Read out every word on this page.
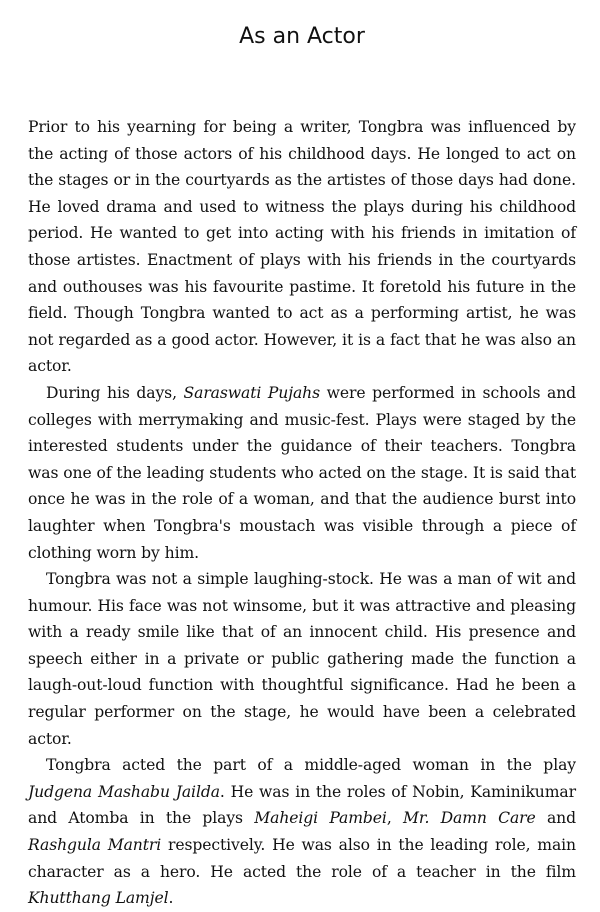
As an Actor

Prior to his yearning for being a writer, Tongbra was influenced by the acting of those actors of his childhood days. He longed to act on the stages or in the courtyards as the artistes of those days had done. He loved drama and used to witness the plays during his childhood period. He wanted to get into acting with his friends in imitation of those artistes. Enactment of plays with his friends in the courtyards and outhouses was his favourite pastime. It foretold his future in the field. Though Tongbra wanted to act as a performing artist, he was not regarded as a good actor. However, it is a fact that he was also an actor.

During his days, Saraswati Pujahs were performed in schools and colleges with merrymaking and music-fest. Plays were staged by the interested students under the guidance of their teachers. Tongbra was one of the leading students who acted on the stage. It is said that once he was in the role of a woman, and that the audience burst into laughter when Tongbra's moustach was visible through a piece of clothing worn by him.

Tongbra was not a simple laughing-stock. He was a man of wit and humour. His face was not winsome, but it was attractive and pleasing with a ready smile like that of an innocent child. His presence and speech either in a private or public gathering made the function a laugh-out-loud function with thoughtful significance. Had he been a regular performer on the stage, he would have been a celebrated actor.

Tongbra acted the part of a middle-aged woman in the play Judgena Mashabu Jailda. He was in the roles of Nobin, Kaminikumar and Atomba in the plays Maheigi Pambei, Mr. Damn Care and Rashgula Mantri respectively. He was also in the leading role, main character as a hero. He acted the role of a teacher in the film Khutthang Lamjel.
